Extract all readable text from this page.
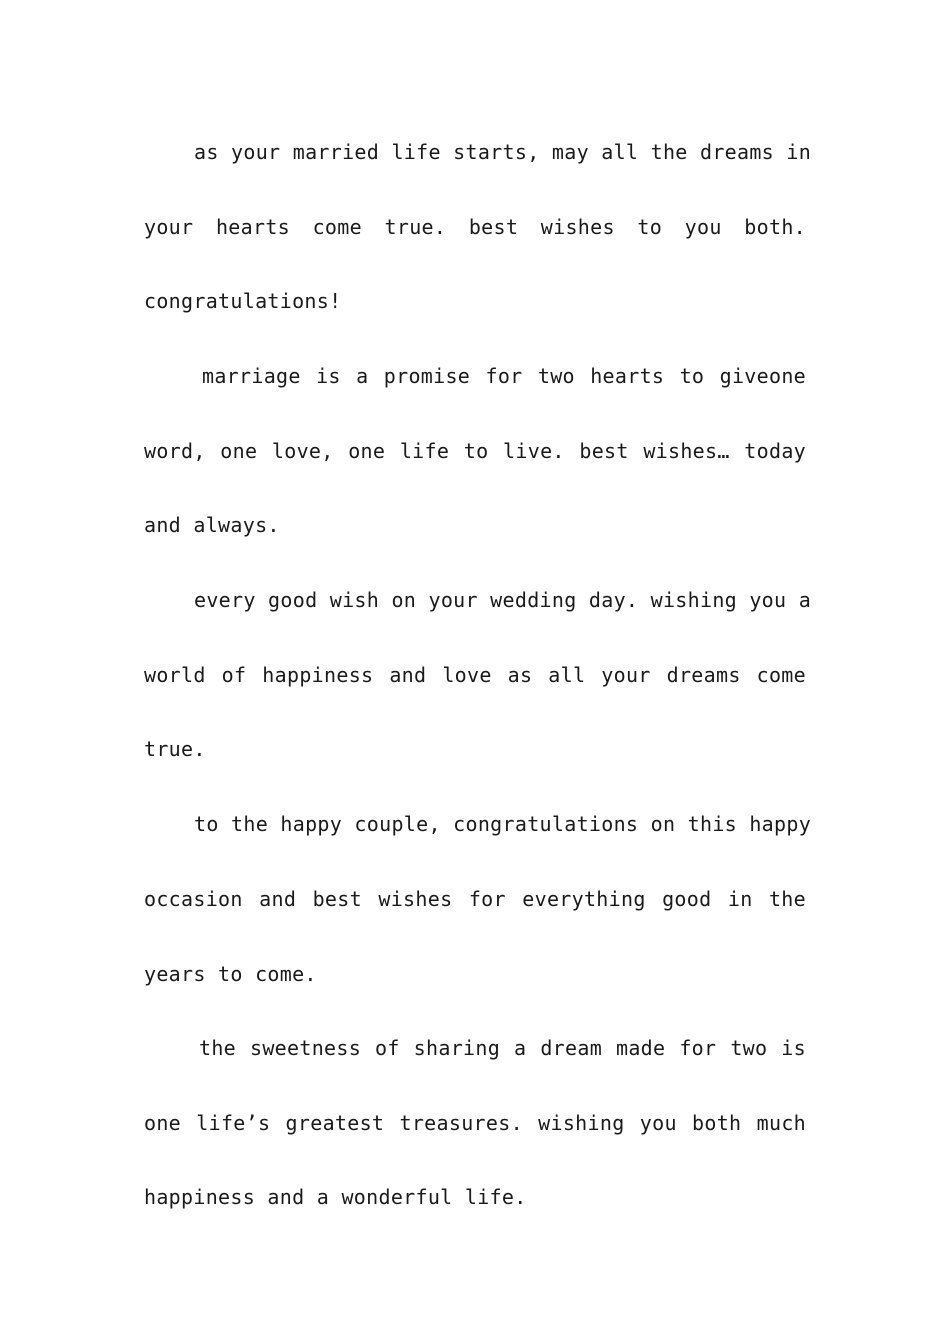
as your married life starts, may all the dreams in
your hearts come true. best wishes to you both.
congratulations!
marriage is a promise for two hearts to giveone
word, one love, one life to live. best wishes… today
and always.
every good wish on your wedding day. wishing you a
world of happiness and love as all your dreams come
true.
to the happy couple, congratulations on this happy
occasion and best wishes for everything good in the
years to come.
the sweetness of sharing a dream made for two is
one life’s greatest treasures. wishing you both much
happiness and a wonderful life.
